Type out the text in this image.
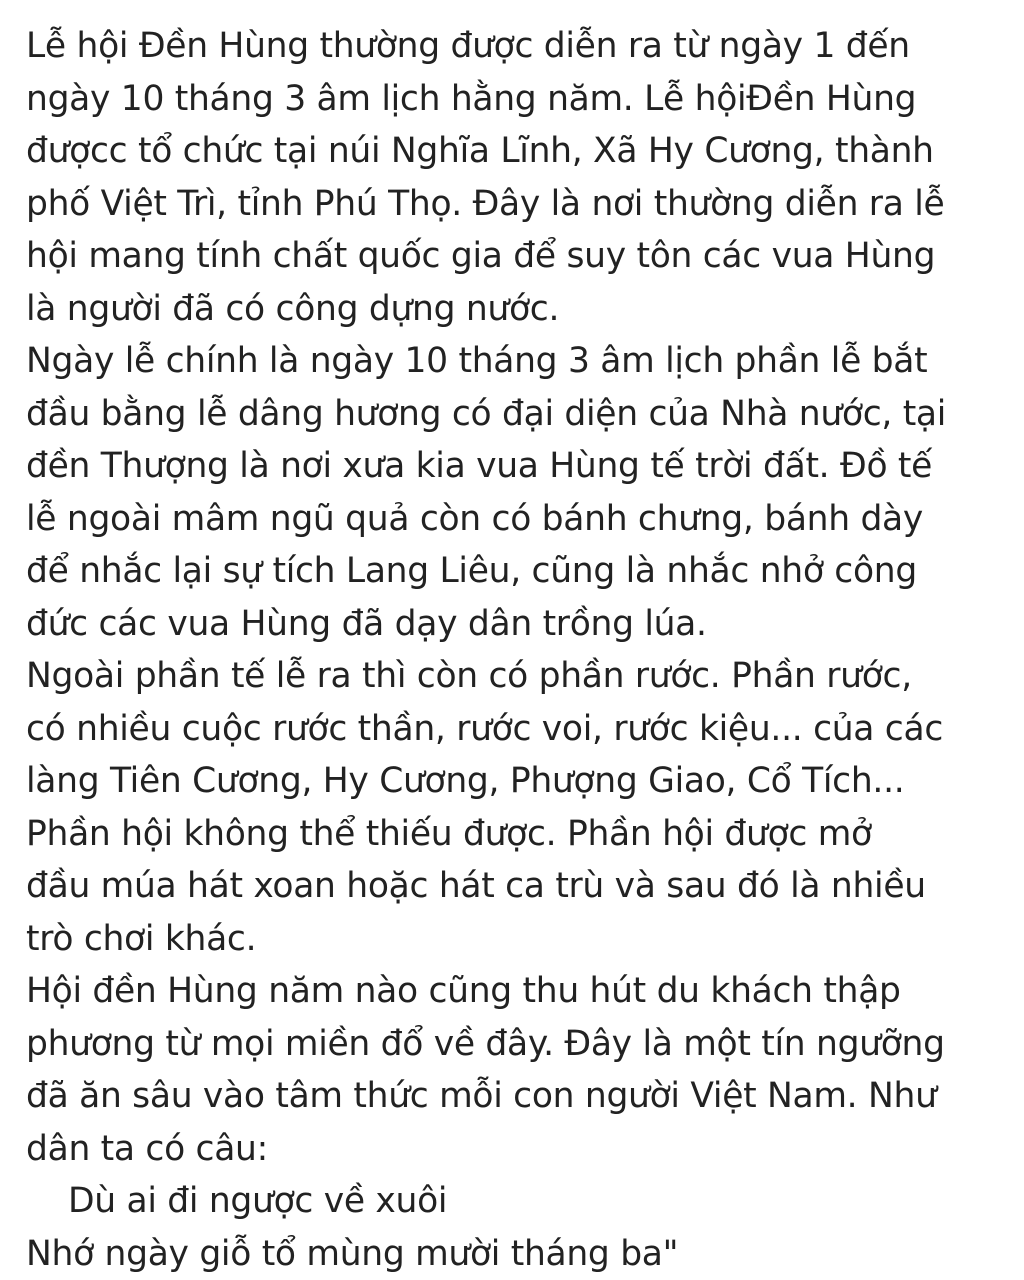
Lễ hội Đền Hùng thường được diễn ra từ ngày 1 đến
ngày 10 tháng 3 âm lịch hằng năm. Lễ hộiĐền Hùng
đượcc tổ chức tại núi Nghĩa Lĩnh, Xã Hy Cương, thành
phố Việt Trì, tỉnh Phú Thọ. Đây là nơi thường diễn ra lễ
hội mang tính chất quốc gia để suy tôn các vua Hùng
là người đã có công dựng nước.
Ngày lễ chính là ngày 10 tháng 3 âm lịch phần lễ bắt
đầu bằng lễ dâng hương có đại diện của Nhà nước, tại
đền Thượng là nơi xưa kia vua Hùng tế trời đất. Đồ tế
lễ ngoài mâm ngũ quả còn có bánh chưng, bánh dày
để nhắc lại sự tích Lang Liêu, cũng là nhắc nhở công
đức các vua Hùng đã dạy dân trồng lúa.
Ngoài phần tế lễ ra thì còn có phần rước. Phần rước,
có nhiều cuộc rước thần, rước voi, rước kiệu... của các
làng Tiên Cương, Hy Cương, Phượng Giao, Cổ Tích...
Phần hội không thể thiếu được. Phần hội được mở
đầu múa hát xoan hoặc hát ca trù và sau đó là nhiều
trò chơi khác.
Hội đền Hùng năm nào cũng thu hút du khách thập
phương từ mọi miền đổ về đây. Đây là một tín ngưỡng
đã ăn sâu vào tâm thức mỗi con người Việt Nam. Như
dân ta có câu:
Dù ai đi ngược về xuôi
Nhớ ngày giỗ tổ mùng mười tháng ba"
